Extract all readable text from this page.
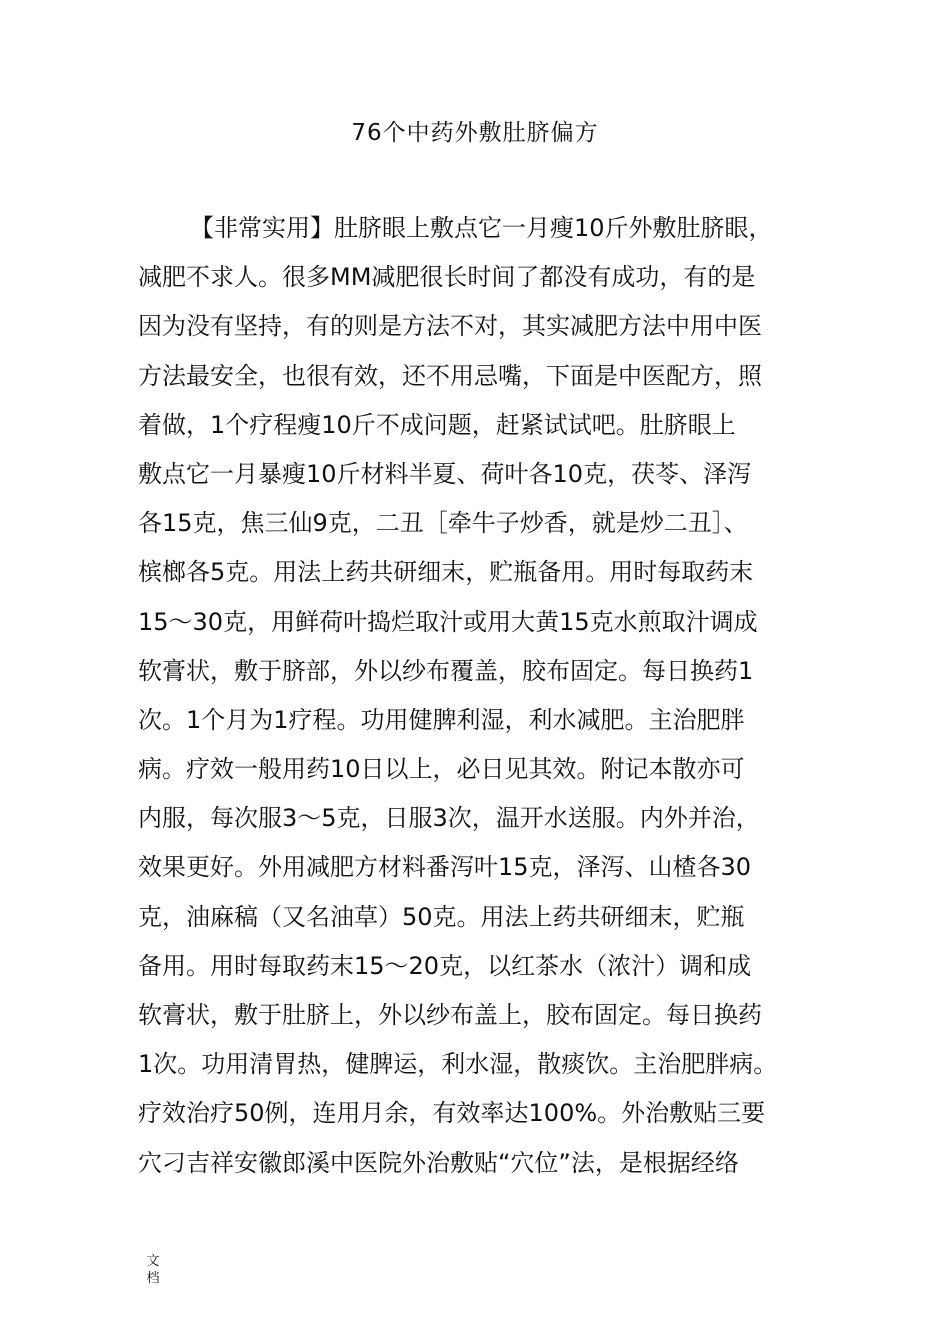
76个中药外敷肚脐偏方
【非常实用】肚脐眼上敷点它一月瘦10斤外敷肚脐眼，
减肥不求人。很多MM减肥很长时间了都没有成功，有的是
因为没有坚持，有的则是方法不对，其实减肥方法中用中医
方法最安全，也很有效，还不用忌嘴，下面是中医配方，照
着做，1个疗程瘦10斤不成问题，赶紧试试吧。肚脐眼上
敷点它一月暴瘦10斤材料半夏、荷叶各10克，茯苓、泽泻
各15克，焦三仙9克，二丑［牵牛子炒香，就是炒二丑］、
槟榔各5克。用法上药共研细末，贮瓶备用。用时每取药末
15～30克，用鲜荷叶捣烂取汁或用大黄15克水煎取汁调成
软膏状，敷于脐部，外以纱布覆盖，胶布固定。每日换药1
次。1个月为1疗程。功用健脾利湿，利水减肥。主治肥胖
病。疗效一般用药10日以上，必日见其效。附记本散亦可
内服，每次服3～5克，日服3次，温开水送服。内外并治，
效果更好。外用减肥方材料番泻叶15克，泽泻、山楂各30
克，油麻稿（又名油草）50克。用法上药共研细末，贮瓶
备用。用时每取药末15～20克，以红茶水（浓汁）调和成
软膏状，敷于肚脐上，外以纱布盖上，胶布固定。每日换药
1次。功用清胃热，健脾运，利水湿，散痰饮。主治肥胖病。
疗效治疗50例，连用月余，有效率达100%。外治敷贴三要
穴刁吉祥安徽郎溪中医院外治敷贴“穴位”法，是根据经络
文
档
